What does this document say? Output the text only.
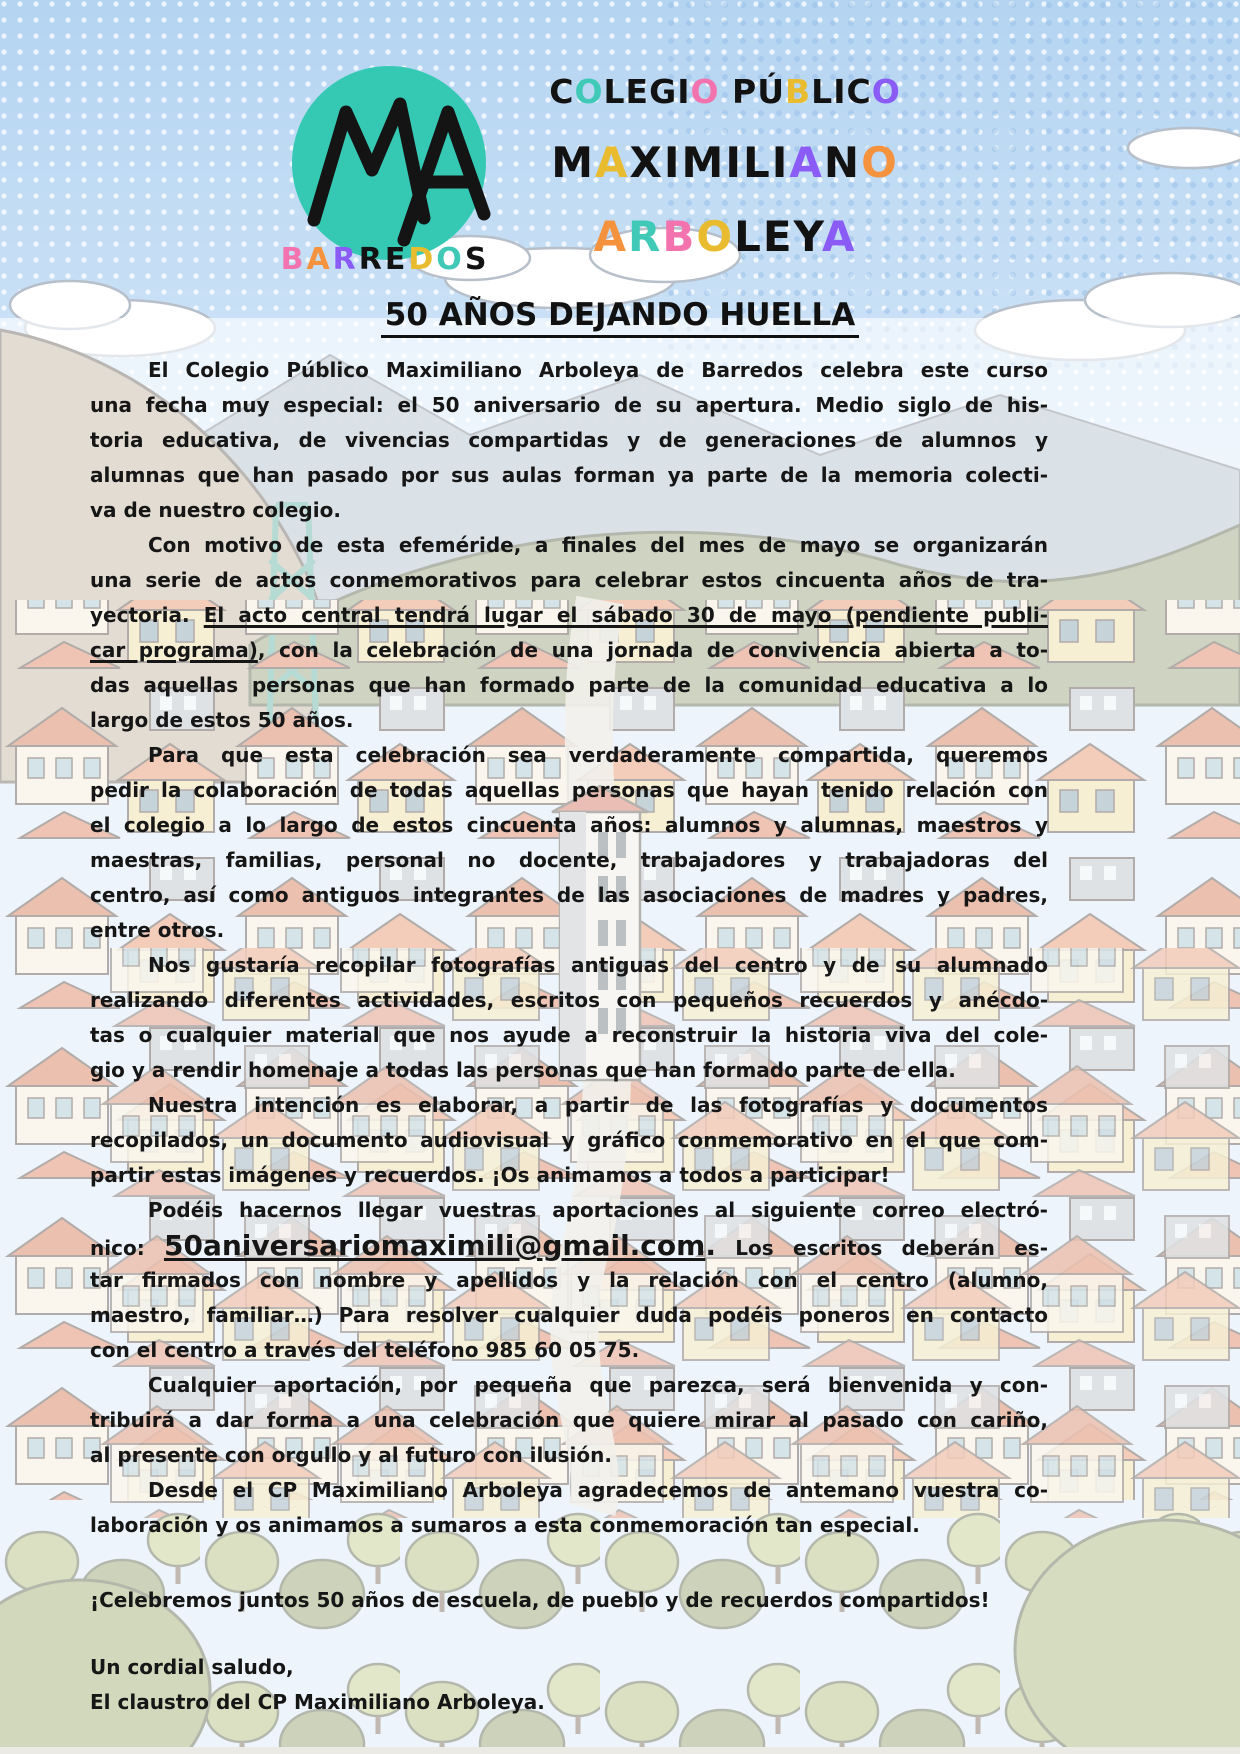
BARREDOS
COLEGIO PÚBLICO
MAXIMILIANO
ARBOLEYA
50 AÑOS DEJANDO HUELLA
El Colegio Público Maximiliano Arboleya de Barredos celebra este curso
una fecha muy especial: el 50 aniversario de su apertura. Medio siglo de his-
toria educativa, de vivencias compartidas y de generaciones de alumnos y
alumnas que han pasado por sus aulas forman ya parte de la memoria colecti-
va de nuestro colegio.
Con motivo de esta efeméride, a finales del mes de mayo se organizarán
una serie de actos conmemorativos para celebrar estos cincuenta años de tra-
yectoria. El acto central tendrá lugar el sábado 30 de mayo (pendiente publi-
car programa), con la celebración de una jornada de convivencia abierta a to-
das aquellas personas que han formado parte de la comunidad educativa a lo
largo de estos 50 años.
Para que esta celebración sea verdaderamente compartida, queremos
pedir la colaboración de todas aquellas personas que hayan tenido relación con
el colegio a lo largo de estos cincuenta años: alumnos y alumnas, maestros y
maestras, familias, personal no docente, trabajadores y trabajadoras del
centro, así como antiguos integrantes de las asociaciones de madres y padres,
entre otros.
Nos gustaría recopilar fotografías antiguas del centro y de su alumnado
realizando diferentes actividades, escritos con pequeños recuerdos y anécdo-
tas o cualquier material que nos ayude a reconstruir la historia viva del cole-
gio y a rendir homenaje a todas las personas que han formado parte de ella.
Nuestra intención es elaborar, a partir de las fotografías y documentos
recopilados, un documento audiovisual y gráfico conmemorativo en el que com-
partir estas imágenes y recuerdos. ¡Os animamos a todos a participar!
Podéis hacernos llegar vuestras aportaciones al siguiente correo electró-
nico: 50aniversariomaximili@gmail.com. Los escritos deberán es-
tar firmados con nombre y apellidos y la relación con el centro (alumno,
maestro, familiar…) Para resolver cualquier duda podéis poneros en contacto
con el centro a través del teléfono 985 60 05 75.
Cualquier aportación, por pequeña que parezca, será bienvenida y con-
tribuirá a dar forma a una celebración que quiere mirar al pasado con cariño,
al presente con orgullo y al futuro con ilusión.
Desde el CP Maximiliano Arboleya agradecemos de antemano vuestra co-
laboración y os animamos a sumaros a esta conmemoración tan especial.
¡Celebremos juntos 50 años de escuela, de pueblo y de recuerdos compartidos!
Un cordial saludo,
El claustro del CP Maximiliano Arboleya.
